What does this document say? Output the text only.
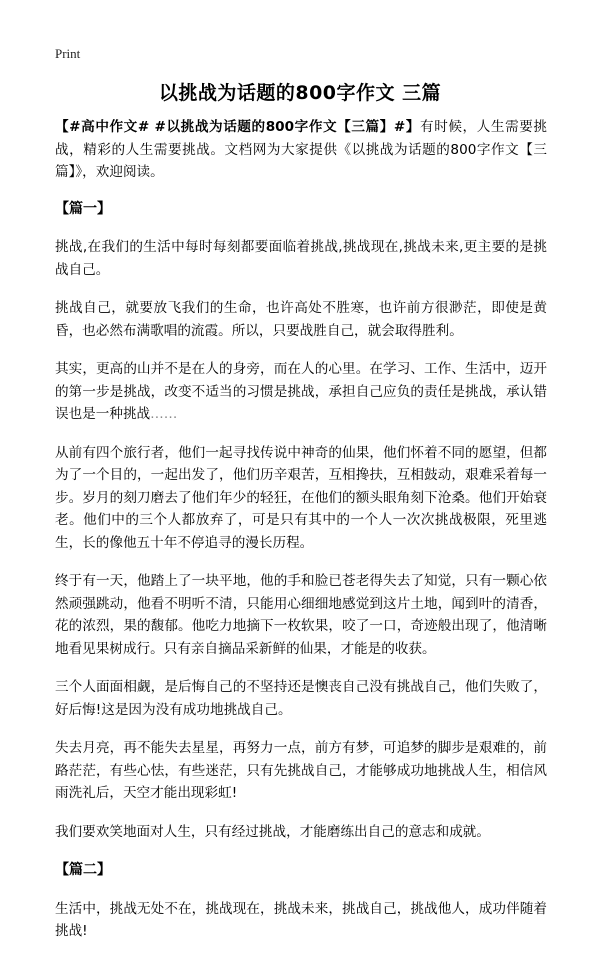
Print
以挑战为话题的800字作文 三篇

【#高中作文# #以挑战为话题的800字作文【三篇】#】有时候，人生需要挑战，精彩的人生需要挑战。文档网为大家提供《以挑战为话题的800字作文【三篇】》，欢迎阅读。

【篇一】

挑战,在我们的生活中每时每刻都要面临着挑战,挑战现在,挑战未来,更主要的是挑战自己。

挑战自己，就要放飞我们的生命，也许高处不胜寒，也许前方很渺茫，即使是黄昏，也必然布满歌唱的流霞。所以，只要战胜自己，就会取得胜利。

其实，更高的山并不是在人的身旁，而在人的心里。在学习、工作、生活中，迈开的第一步是挑战，改变不适当的习惯是挑战，承担自己应负的责任是挑战，承认错误也是一种挑战……

从前有四个旅行者，他们一起寻找传说中神奇的仙果，他们怀着不同的愿望，但都为了一个目的，一起出发了，他们历辛艰苦，互相搀扶，互相鼓动，艰难采着每一步。岁月的刻刀磨去了他们年少的轻狂，在他们的额头眼角刻下沧桑。他们开始衰老。他们中的三个人都放弃了，可是只有其中的一个人一次次挑战极限，死里逃生，长的像他五十年不停追寻的漫长历程。

终于有一天，他踏上了一块平地，他的手和脸已苍老得失去了知觉，只有一颗心依然顽强跳动，他看不明听不清，只能用心细细地感觉到这片土地，闻到叶的清香，花的浓烈，果的馥郁。他吃力地摘下一枚软果，咬了一口，奇迹般出现了，他清晰地看见果树成行。只有亲自摘品采新鲜的仙果，才能是的收获。

三个人面面相觑，是后悔自己的不坚持还是懊丧自己没有挑战自己，他们失败了，好后悔!这是因为没有成功地挑战自己。

失去月亮，再不能失去星星，再努力一点，前方有梦，可追梦的脚步是艰难的，前路茫茫，有些心怯，有些迷茫，只有先挑战自己，才能够成功地挑战人生，相信风雨洗礼后，天空才能出现彩虹!

我们要欢笑地面对人生，只有经过挑战，才能磨练出自己的意志和成就。

【篇二】

生活中，挑战无处不在，挑战现在，挑战未来，挑战自己，挑战他人，成功伴随着挑战!
